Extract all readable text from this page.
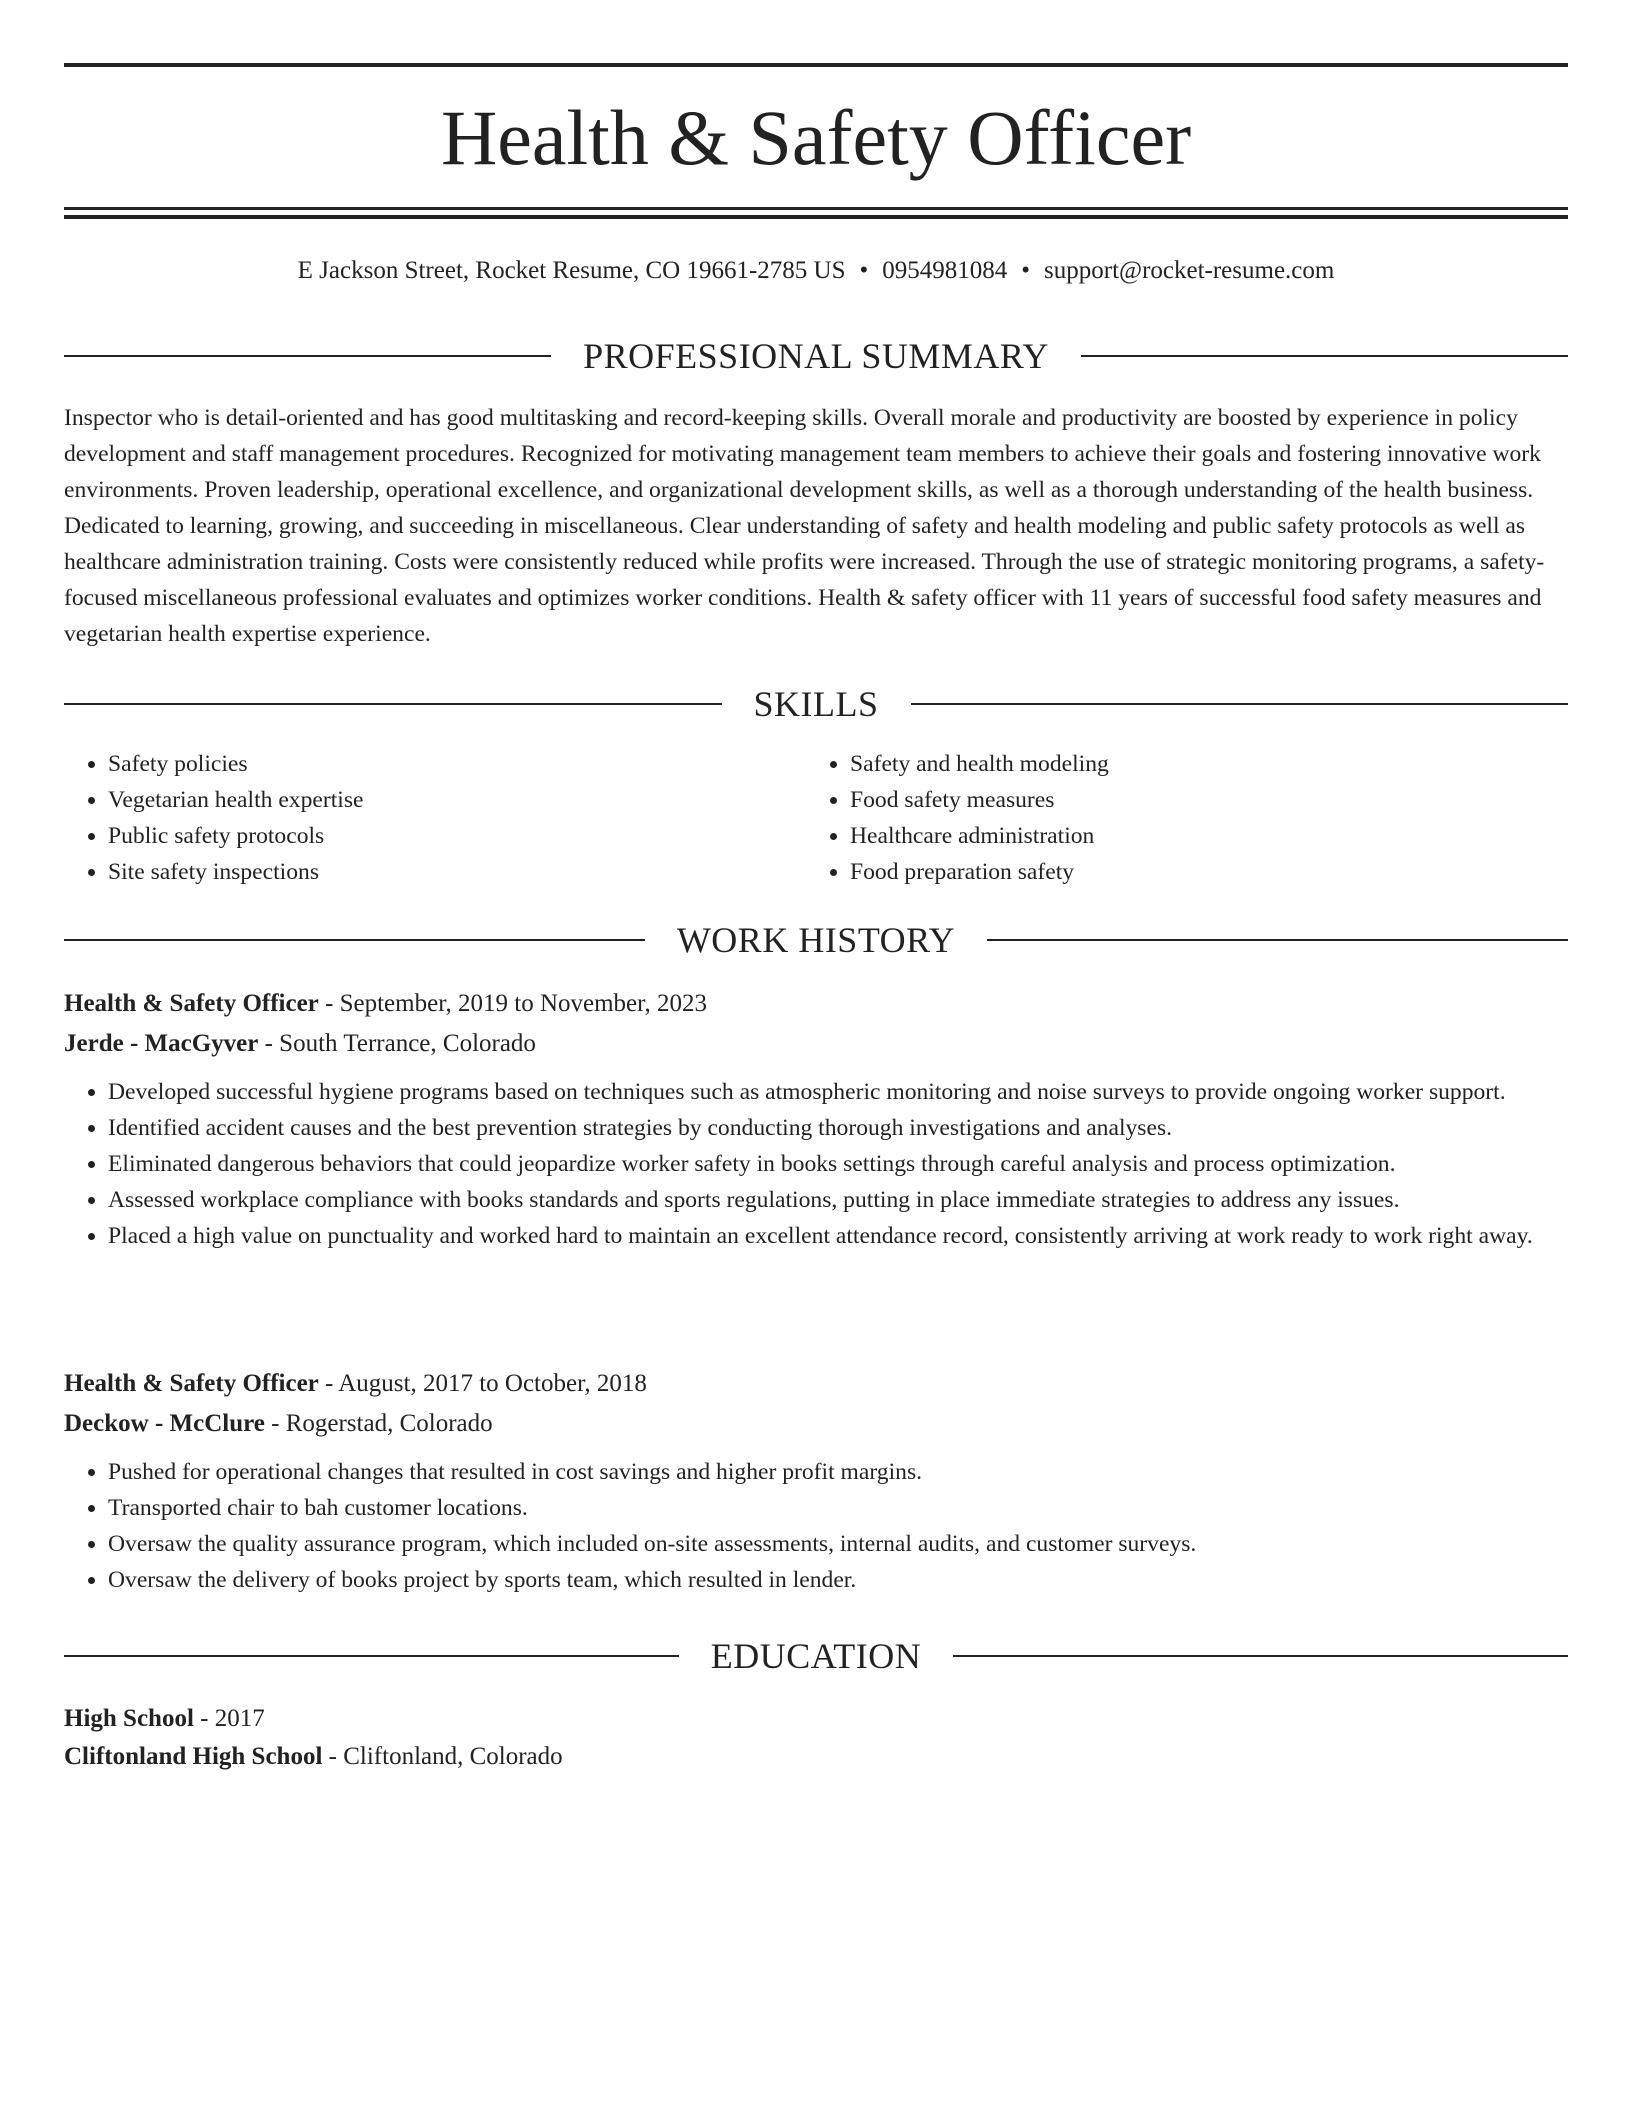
Health & Safety Officer
E Jackson Street, Rocket Resume, CO 19661-2785 US • 0954981084 • support@rocket-resume.com
PROFESSIONAL SUMMARY

Inspector who is detail-oriented and has good multitasking and record-keeping skills. Overall morale and productivity are boosted by experience in policy development and staff management procedures. Recognized for motivating management team members to achieve their goals and fostering innovative work environments. Proven leadership, operational excellence, and organizational development skills, as well as a thorough understanding of the health business. Dedicated to learning, growing, and succeeding in miscellaneous. Clear understanding of safety and health modeling and public safety protocols as well as healthcare administration training. Costs were consistently reduced while profits were increased. Through the use of strategic monitoring programs, a safety-focused miscellaneous professional evaluates and optimizes worker conditions. Health & safety officer with 11 years of successful food safety measures and vegetarian health expertise experience.

SKILLS
• Safety policies
• Vegetarian health expertise
• Public safety protocols
• Site safety inspections
• Safety and health modeling
• Food safety measures
• Healthcare administration
• Food preparation safety
WORK HISTORY

Health & Safety Officer - September, 2019 to November, 2023

Jerde - MacGyver - South Terrance, Colorado

• Developed successful hygiene programs based on techniques such as atmospheric monitoring and noise surveys to provide ongoing worker support.
• Identified accident causes and the best prevention strategies by conducting thorough investigations and analyses.
• Eliminated dangerous behaviors that could jeopardize worker safety in books settings through careful analysis and process optimization.
• Assessed workplace compliance with books standards and sports regulations, putting in place immediate strategies to address any issues.
• Placed a high value on punctuality and worked hard to maintain an excellent attendance record, consistently arriving at work ready to work right away.

Health & Safety Officer - August, 2017 to October, 2018

Deckow - McClure - Rogerstad, Colorado

• Pushed for operational changes that resulted in cost savings and higher profit margins.
• Transported chair to bah customer locations.
• Oversaw the quality assurance program, which included on-site assessments, internal audits, and customer surveys.
• Oversaw the delivery of books project by sports team, which resulted in lender.
EDUCATION

High School - 2017

Cliftonland High School - Cliftonland, Colorado
